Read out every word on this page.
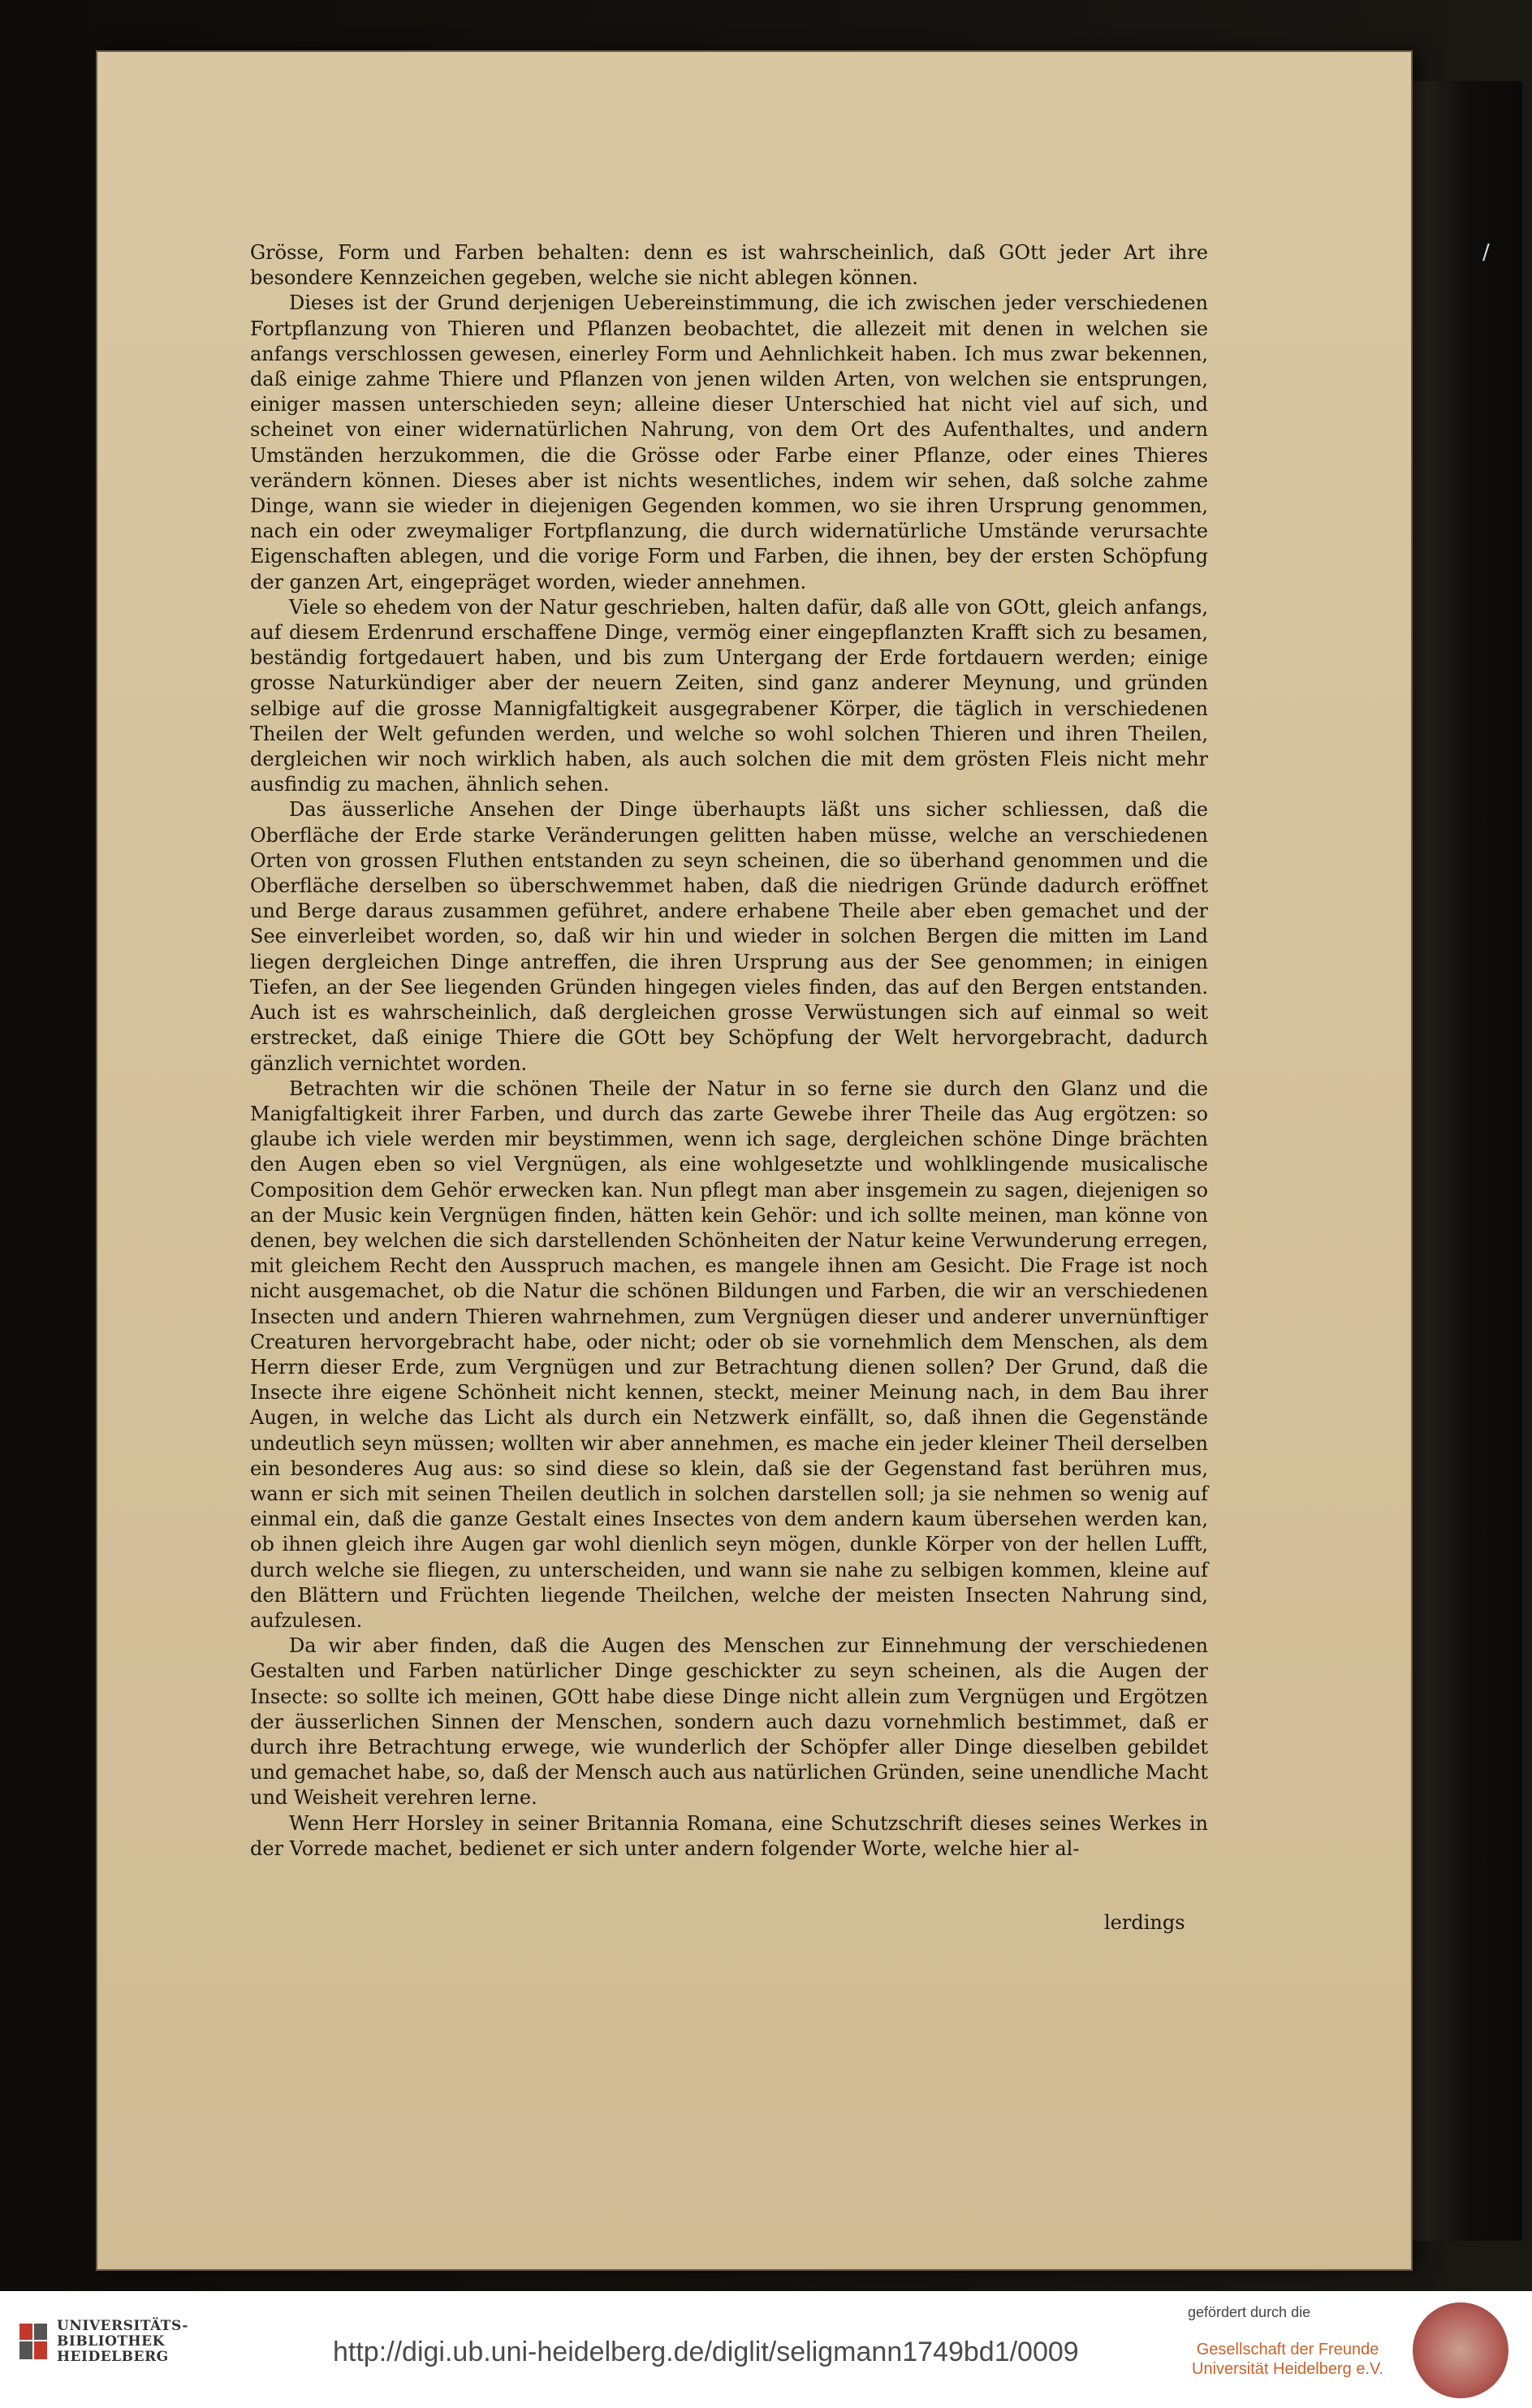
Grösse, Form und Farben behalten: denn es ist wahrscheinlich, daß GOtt jeder Art ihre besondere Kennzeichen gegeben, welche sie nicht ablegen können.

Dieses ist der Grund derjenigen Uebereinstimmung, die ich zwischen jeder verschiedenen Fortpflanzung von Thieren und Pflanzen beobachtet, die allezeit mit denen in welchen sie anfangs verschlossen gewesen, einerley Form und Aehnlichkeit haben. Ich mus zwar bekennen, daß einige zahme Thiere und Pflanzen von jenen wilden Arten, von welchen sie entsprungen, einiger massen unterschieden seyn; alleine dieser Unterschied hat nicht viel auf sich, und scheinet von einer widernatürlichen Nahrung, von dem Ort des Aufenthaltes, und andern Umständen herzukommen, die die Grösse oder Farbe einer Pflanze, oder eines Thieres verändern können. Dieses aber ist nichts wesentliches, indem wir sehen, daß solche zahme Dinge, wann sie wieder in diejenigen Gegenden kommen, wo sie ihren Ursprung genommen, nach ein oder zweymaliger Fortpflanzung, die durch widernatürliche Umstände verursachte Eigenschaften ablegen, und die vorige Form und Farben, die ihnen, bey der ersten Schöpfung der ganzen Art, eingepräget worden, wieder annehmen.

Viele so ehedem von der Natur geschrieben, halten dafür, daß alle von GOtt, gleich anfangs, auf diesem Erdenrund erschaffene Dinge, vermög einer eingepflanzten Krafft sich zu besamen, beständig fortgedauert haben, und bis zum Untergang der Erde fortdauern werden; einige grosse Naturkündiger aber der neuern Zeiten, sind ganz anderer Meynung, und gründen selbige auf die grosse Mannigfaltigkeit ausgegrabener Körper, die täglich in verschiedenen Theilen der Welt gefunden werden, und welche so wohl solchen Thieren und ihren Theilen, dergleichen wir noch wirklich haben, als auch solchen die mit dem grösten Fleis nicht mehr ausfindig zu machen, ähnlich sehen.

Das äusserliche Ansehen der Dinge überhaupts läßt uns sicher schliessen, daß die Oberfläche der Erde starke Veränderungen gelitten haben müsse, welche an verschiedenen Orten von grossen Fluthen entstanden zu seyn scheinen, die so überhand genommen und die Oberfläche derselben so überschwemmet haben, daß die niedrigen Gründe dadurch eröffnet und Berge daraus zusammen geführet, andere erhabene Theile aber eben gemachet und der See einverleibet worden, so, daß wir hin und wieder in solchen Bergen die mitten im Land liegen dergleichen Dinge antreffen, die ihren Ursprung aus der See genommen; in einigen Tiefen, an der See liegenden Gründen hingegen vieles finden, das auf den Bergen entstanden. Auch ist es wahrscheinlich, daß dergleichen grosse Verwüstungen sich auf einmal so weit erstrecket, daß einige Thiere die GOtt bey Schöpfung der Welt hervorgebracht, dadurch gänzlich vernichtet worden.

Betrachten wir die schönen Theile der Natur in so ferne sie durch den Glanz und die Manigfaltigkeit ihrer Farben, und durch das zarte Gewebe ihrer Theile das Aug ergötzen: so glaube ich viele werden mir beystimmen, wenn ich sage, dergleichen schöne Dinge brächten den Augen eben so viel Vergnügen, als eine wohlgesetzte und wohlklingende musicalische Composition dem Gehör erwecken kan. Nun pflegt man aber insgemein zu sagen, diejenigen so an der Music kein Vergnügen finden, hätten kein Gehör: und ich sollte meinen, man könne von denen, bey welchen die sich darstellenden Schönheiten der Natur keine Verwunderung erregen, mit gleichem Recht den Ausspruch machen, es mangele ihnen am Gesicht. Die Frage ist noch nicht ausgemachet, ob die Natur die schönen Bildungen und Farben, die wir an verschiedenen Insecten und andern Thieren wahrnehmen, zum Vergnügen dieser und anderer unvernünftiger Creaturen hervorgebracht habe, oder nicht; oder ob sie vornehmlich dem Menschen, als dem Herrn dieser Erde, zum Vergnügen und zur Betrachtung dienen sollen? Der Grund, daß die Insecte ihre eigene Schönheit nicht kennen, steckt, meiner Meinung nach, in dem Bau ihrer Augen, in welche das Licht als durch ein Netzwerk einfällt, so, daß ihnen die Gegenstände undeutlich seyn müssen; wollten wir aber annehmen, es mache ein jeder kleiner Theil derselben ein besonderes Aug aus: so sind diese so klein, daß sie der Gegenstand fast berühren mus, wann er sich mit seinen Theilen deutlich in solchen darstellen soll; ja sie nehmen so wenig auf einmal ein, daß die ganze Gestalt eines Insectes von dem andern kaum übersehen werden kan, ob ihnen gleich ihre Augen gar wohl dienlich seyn mögen, dunkle Körper von der hellen Lufft, durch welche sie fliegen, zu unterscheiden, und wann sie nahe zu selbigen kommen, kleine auf den Blättern und Früchten liegende Theilchen, welche der meisten Insecten Nahrung sind, aufzulesen.

Da wir aber finden, daß die Augen des Menschen zur Einnehmung der verschiedenen Gestalten und Farben natürlicher Dinge geschickter zu seyn scheinen, als die Augen der Insecte: so sollte ich meinen, GOtt habe diese Dinge nicht allein zum Vergnügen und Ergötzen der äusserlichen Sinnen der Menschen, sondern auch dazu vornehmlich bestimmet, daß er durch ihre Betrachtung erwege, wie wunderlich der Schöpfer aller Dinge dieselben gebildet und gemachet habe, so, daß der Mensch auch aus natürlichen Gründen, seine unendliche Macht und Weisheit verehren lerne.

Wenn Herr Horsley in seiner Britannia Romana, eine Schutzschrift dieses seines Werkes in der Vorrede machet, bedienet er sich unter andern folgender Worte, welche hier al-

lerdings
/
UNIVERSITÄTS-
BIBLIOTHEK
HEIDELBERG	http://digi.ub.uni-heidelberg.de/diglit/seligmann1749bd1/0009
gefördert durch die
Gesellschaft der Freunde
Universität Heidelberg e.V.
